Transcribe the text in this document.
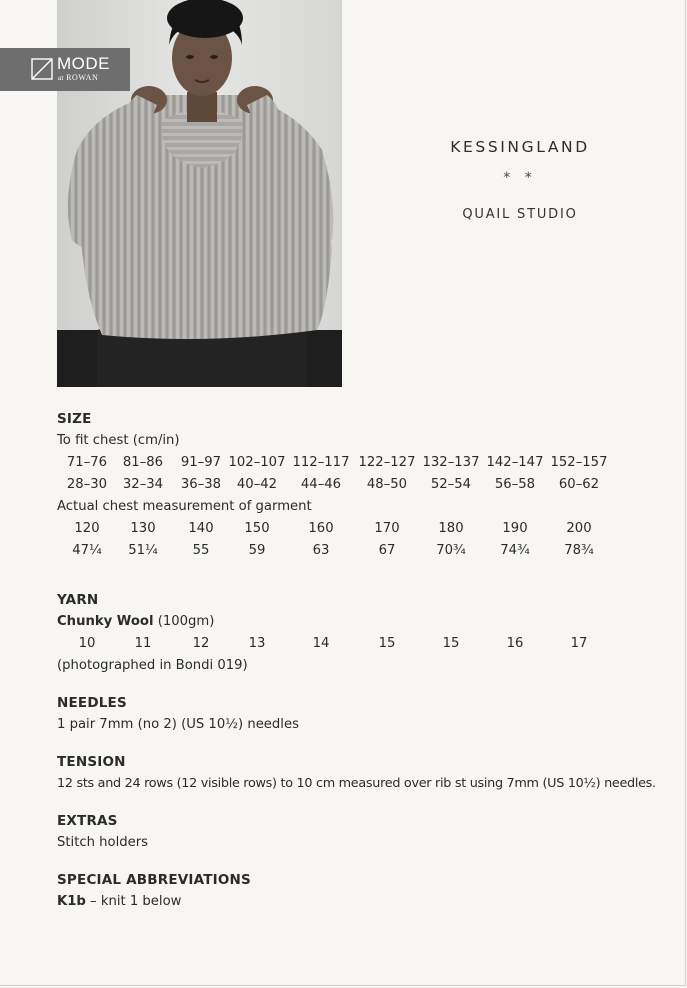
MODE
at ROWAN
KESSINGLAND
* *
QUAIL STUDIO
SIZE
To fit chest (cm/in)
71–76 81–86 91–97 102–107 112–117 122–127 132–137 142–147 152–157
28–30 32–34 36–38 40–42 44–46 48–50 52–54 56–58 60–62
Actual chest measurement of garment
120 130 140 150	160	170	180	190	200
47¼ 51¼	55	59	63	67	70¾	74¾	78¾
YARN
Chunky Wool (100gm)
10	11	12	13	14	15	15	16	17
(photographed in Bondi 019)
NEEDLES
1 pair 7mm (no 2) (US 10½) needles
TENSION
12 sts and 24 rows (12 visible rows) to 10 cm measured over rib st using 7mm (US 10½) needles.
EXTRAS
Stitch holders
SPECIAL ABBREVIATIONS
K1b – knit 1 below
